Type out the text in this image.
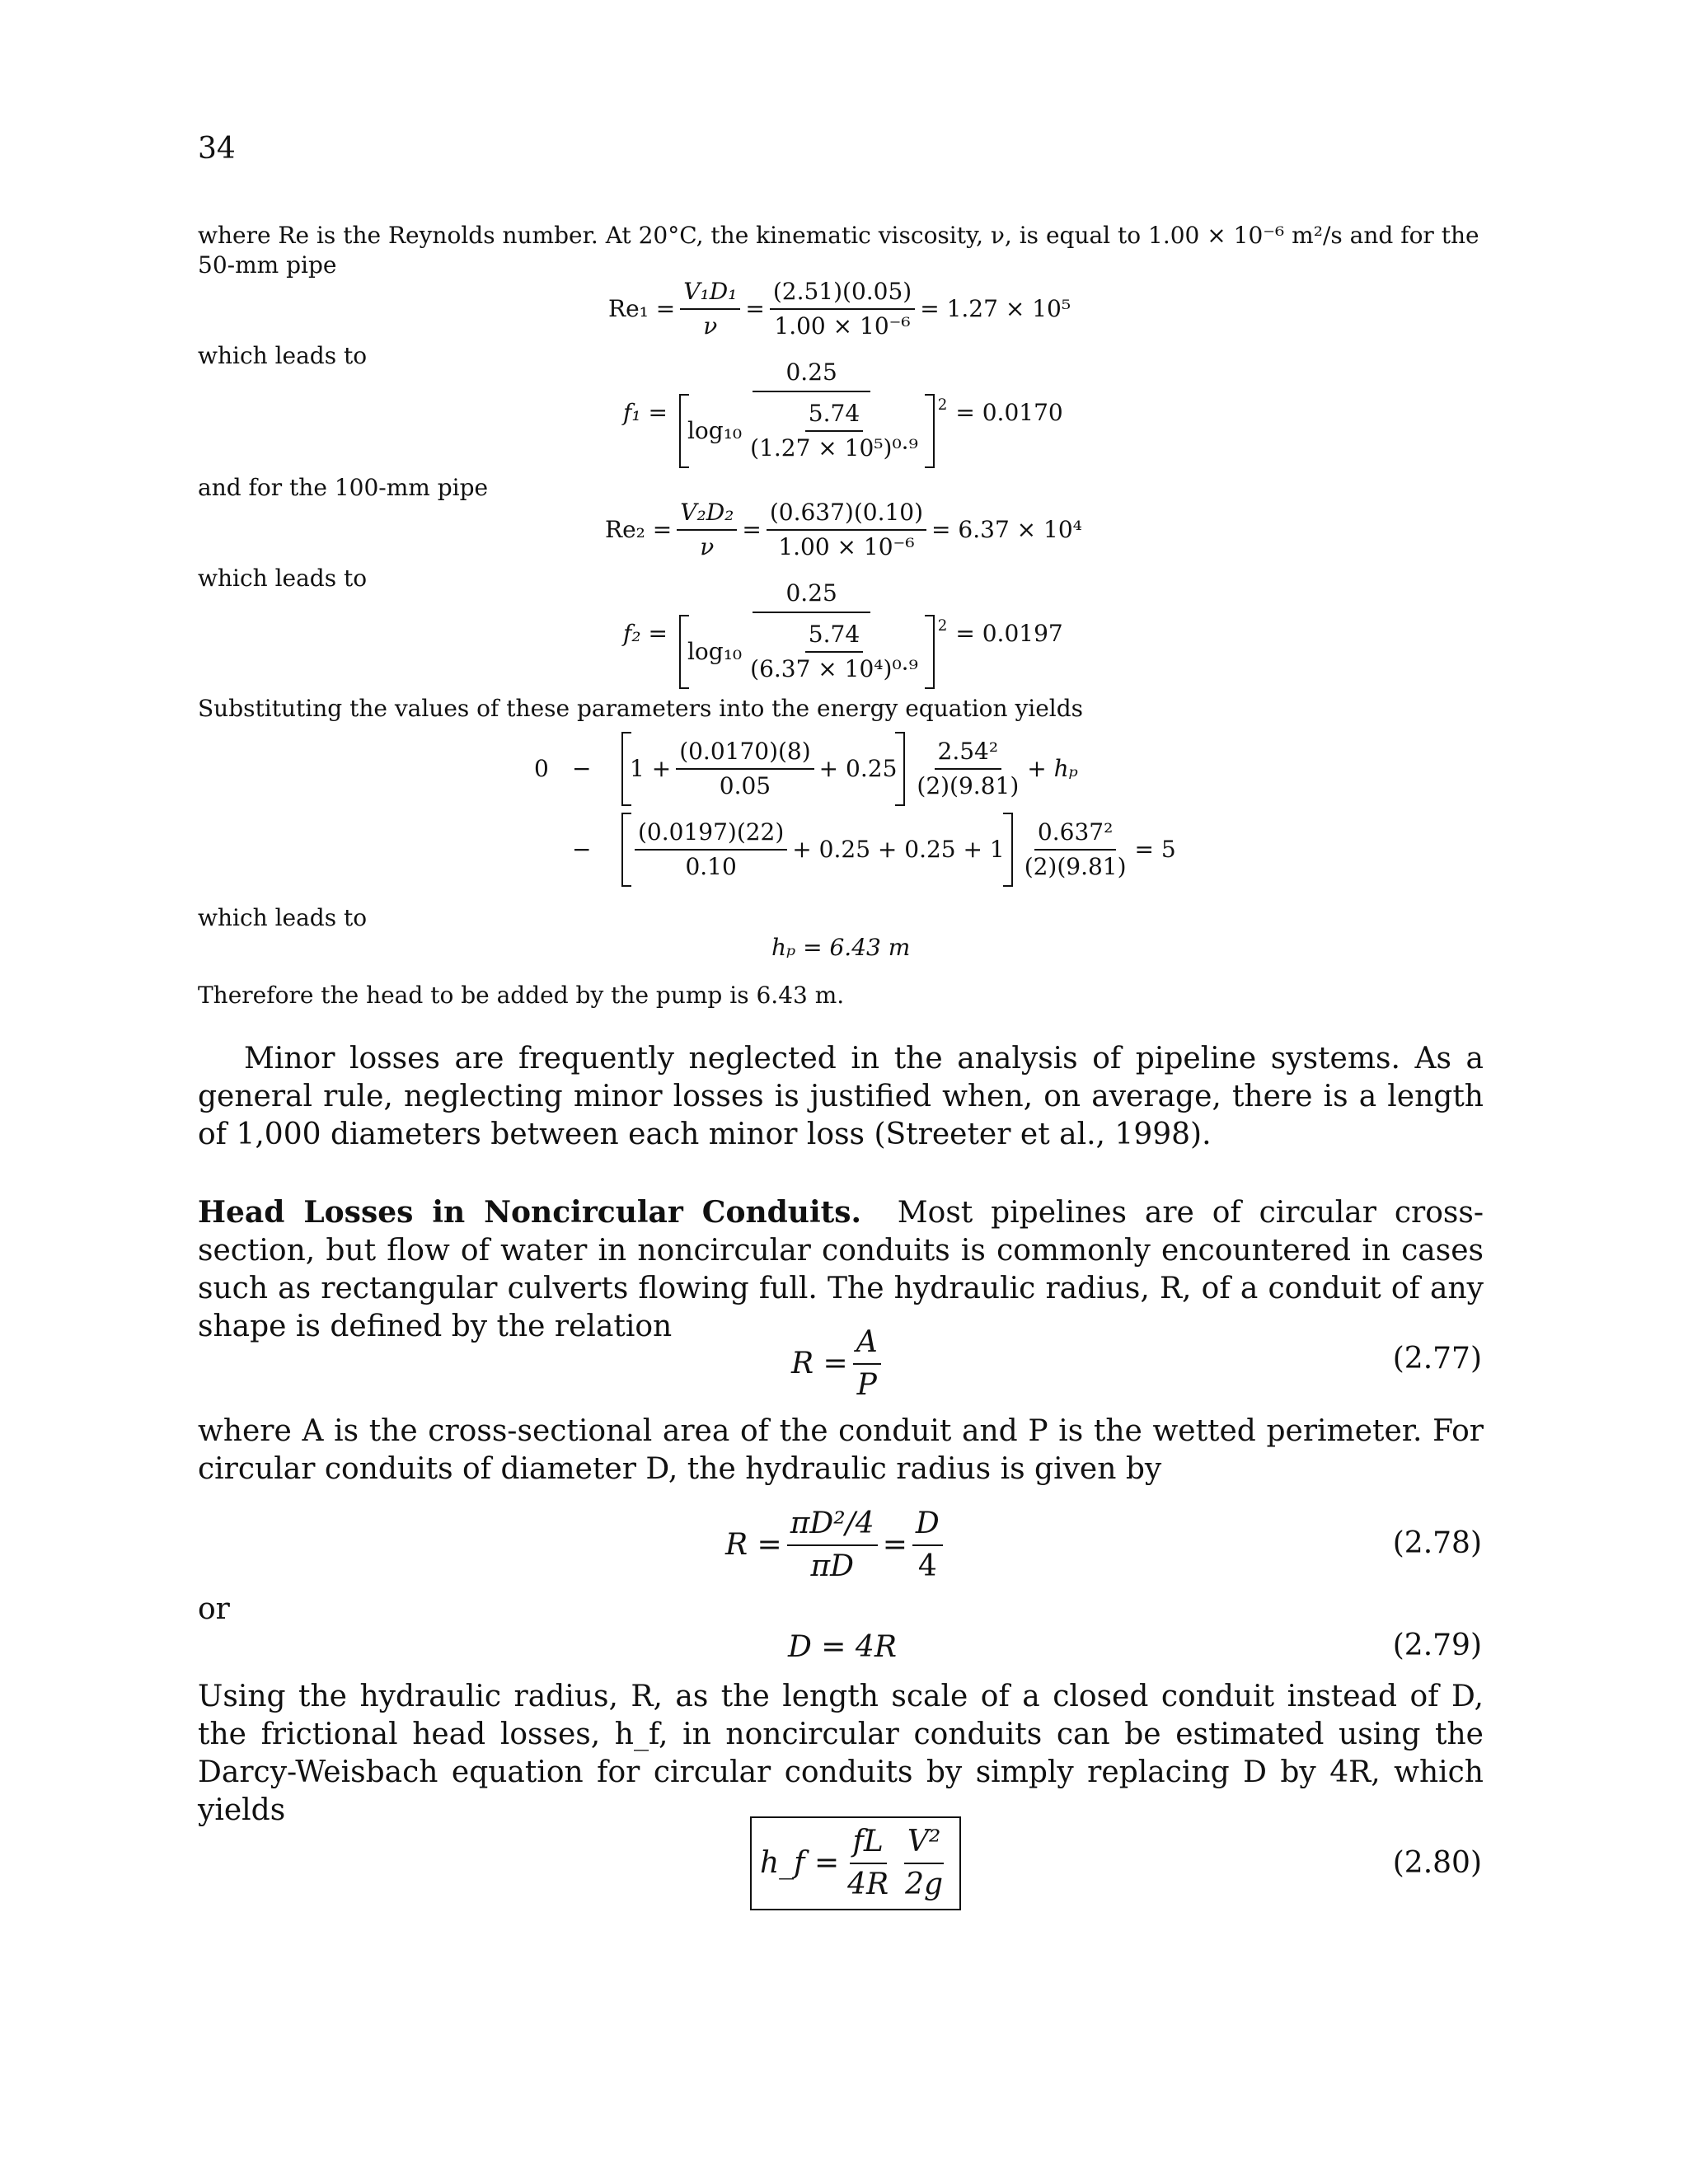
34
where Re is the Reynolds number. At 20°C, the kinematic viscosity, ν, is equal to 1.00 × 10⁻⁶ m²/s and for the
50-mm pipe
$Re_1 = \frac{\text{V₁D₁}}{\nu} = \frac{(2.51)(0.05)}{\text{1.00 × 10⁻⁶}} = 1.27 \times 10^5$
which leads to
$f_1 = \frac{0.25}{\log_{10} \frac{5.74}{\text{(1.27 × 10⁵)⁰·⁹}} ^2} = 0.0170$
and for the 100-mm pipe
$Re_2 = \frac{\text{V₂D₂}}{\nu} = \frac{(0.637)(0.10)}{\text{1.00 × 10⁻⁶}} = 6.37 \times 10^4$
which leads to
$f_2 = \frac{0.25}{\log_{10} \frac{5.74}{\text{(6.37 × 10⁴)⁰·⁹}} ^2} = 0.0197$
Substituting the values of these parameters into the energy equation yields
0	−	$1 + \frac{(0.0170)(8)}{0.05} + 0.25 \frac{\text{2.54²}}{(2)(9.81)} + h_p$
−	$\frac{(0.0197)(22)}{0.10} + 0.25 + 0.25 + 1 \frac{\text{0.637²}}{(2)(9.81)} = 5$
which leads to
hₚ = 6.43 m
Therefore the head to be added by the pump is 6.43 m.
Minor losses are frequently neglected in the analysis of pipeline systems. As a general rule, neglecting minor losses is justified when, on average, there is a length of 1,000 diameters between each minor loss (Streeter et al., 1998).
Head Losses in Noncircular Conduits. Most pipelines are of circular cross-section, but flow of water in noncircular conduits is commonly encountered in cases such as rectangular culverts flowing full. The hydraulic radius, R, of a conduit of any shape is defined by the relation
$R = \frac{A}{P}$	(2.77)
where A is the cross-sectional area of the conduit and P is the wetted perimeter. For circular conduits of diameter D, the hydraulic radius is given by
$R = \frac{\text{πD²/4}}{\pi D} = \frac{D}{4}$	(2.78)
or
D = 4R	(2.79)
Using the hydraulic radius, R, as the length scale of a closed conduit instead of D, the frictional head losses, h_f, in noncircular conduits can be estimated using the Darcy-Weisbach equation for circular conduits by simply replacing D by 4R, which yields
h_f = $\frac{fL}{4R} \frac{\text{V²}}{2g}$	(2.80)
